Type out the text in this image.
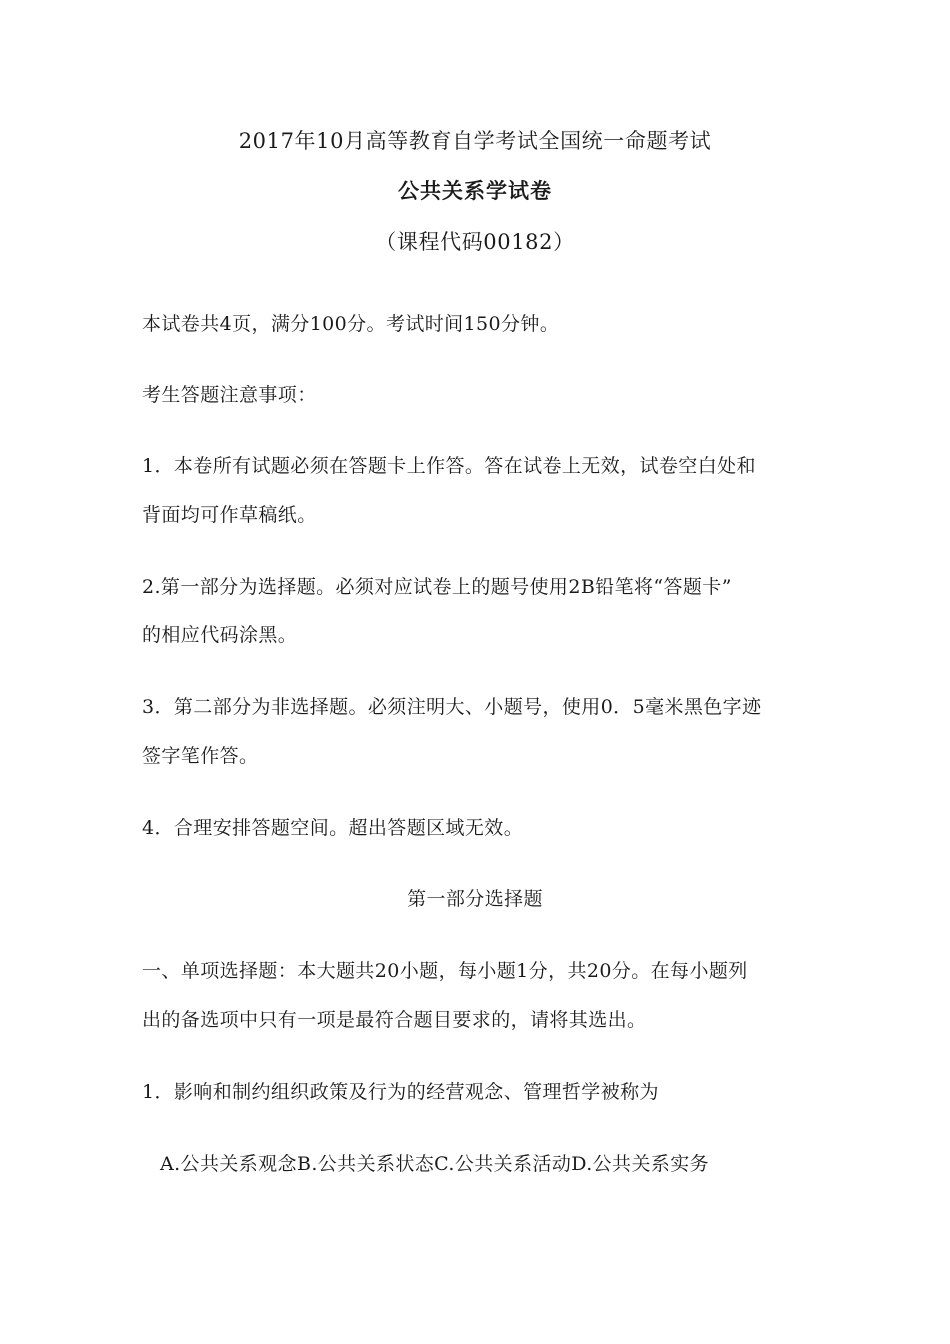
2017年10月高等教育自学考试全国统一命题考试
公共关系学试卷
（课程代码00182）
本试卷共4页，满分100分。考试时间150分钟。
考生答题注意事项：
1．本卷所有试题必须在答题卡上作答。答在试卷上无效，试卷空白处和
背面均可作草稿纸。
2.第一部分为选择题。必须对应试卷上的题号使用2B铅笔将“答题卡”
的相应代码涂黑。
3．第二部分为非选择题。必须注明大、小题号，使用0．5毫米黑色字迹
签字笔作答。
4．合理安排答题空间。超出答题区域无效。
第一部分选择题
一、单项选择题：本大题共20小题，每小题1分，共20分。在每小题列
出的备选项中只有一项是最符合题目要求的，请将其选出。
1．影响和制约组织政策及行为的经营观念、管理哲学被称为
A.公共关系观念B.公共关系状态C.公共关系活动D.公共关系实务
